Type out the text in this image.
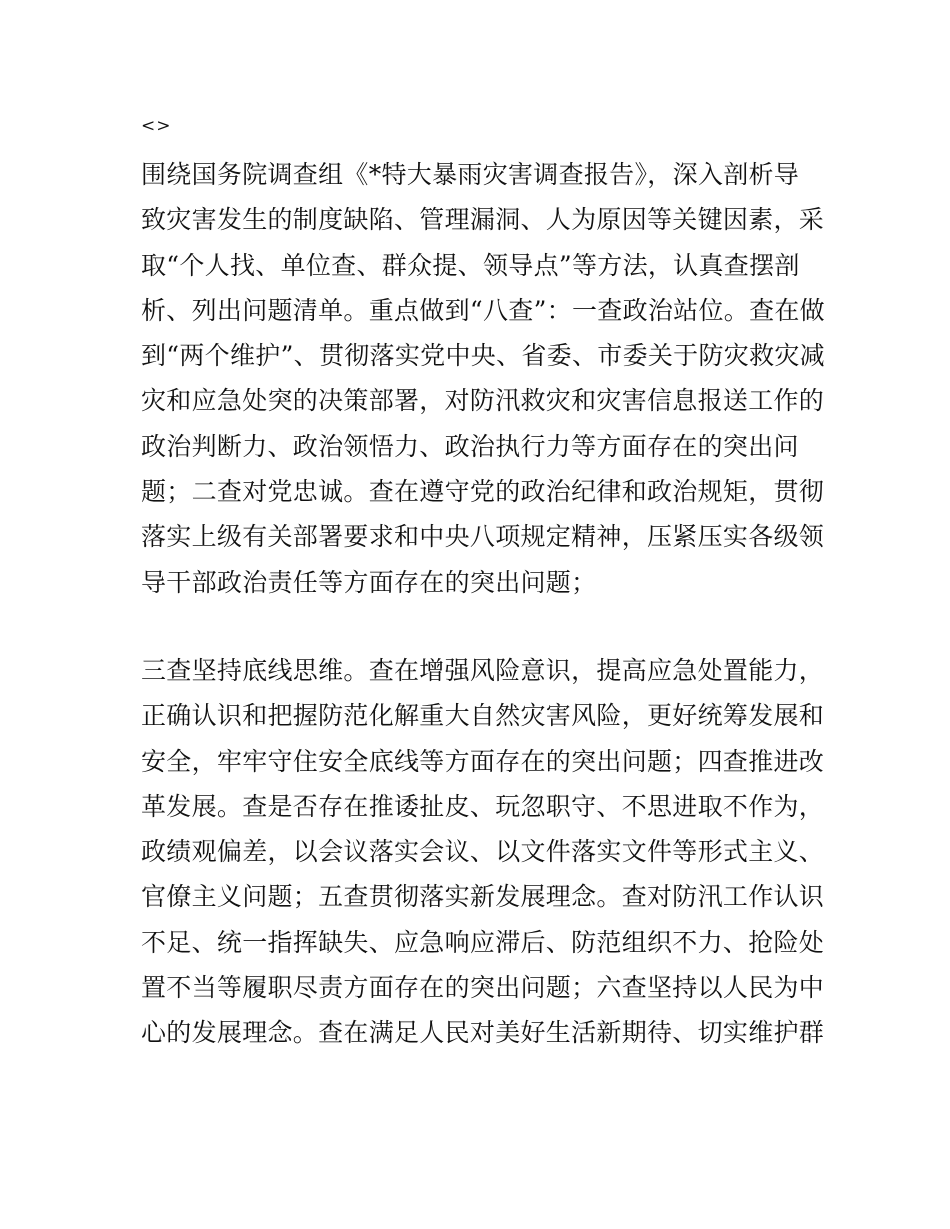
<>
围绕国务院调查组《*特大暴雨灾害调查报告》，深入剖析导
致灾害发生的制度缺陷、管理漏洞、人为原因等关键因素，采
取“个人找、单位查、群众提、领导点”等方法，认真查摆剖
析、列出问题清单。重点做到“八查”：一查政治站位。查在做
到“两个维护”、贯彻落实党中央、省委、市委关于防灾救灾减
灾和应急处突的决策部署，对防汛救灾和灾害信息报送工作的
政治判断力、政治领悟力、政治执行力等方面存在的突出问
题；二查对党忠诚。查在遵守党的政治纪律和政治规矩，贯彻
落实上级有关部署要求和中央八项规定精神，压紧压实各级领
导干部政治责任等方面存在的突出问题；
三查坚持底线思维。查在增强风险意识，提高应急处置能力，
正确认识和把握防范化解重大自然灾害风险，更好统筹发展和
安全，牢牢守住安全底线等方面存在的突出问题；四查推进改
革发展。查是否存在推诿扯皮、玩忽职守、不思进取不作为，
政绩观偏差，以会议落实会议、以文件落实文件等形式主义、
官僚主义问题；五查贯彻落实新发展理念。查对防汛工作认识
不足、统一指挥缺失、应急响应滞后、防范组织不力、抢险处
置不当等履职尽责方面存在的突出问题；六查坚持以人民为中
心的发展理念。查在满足人民对美好生活新期待、切实维护群
